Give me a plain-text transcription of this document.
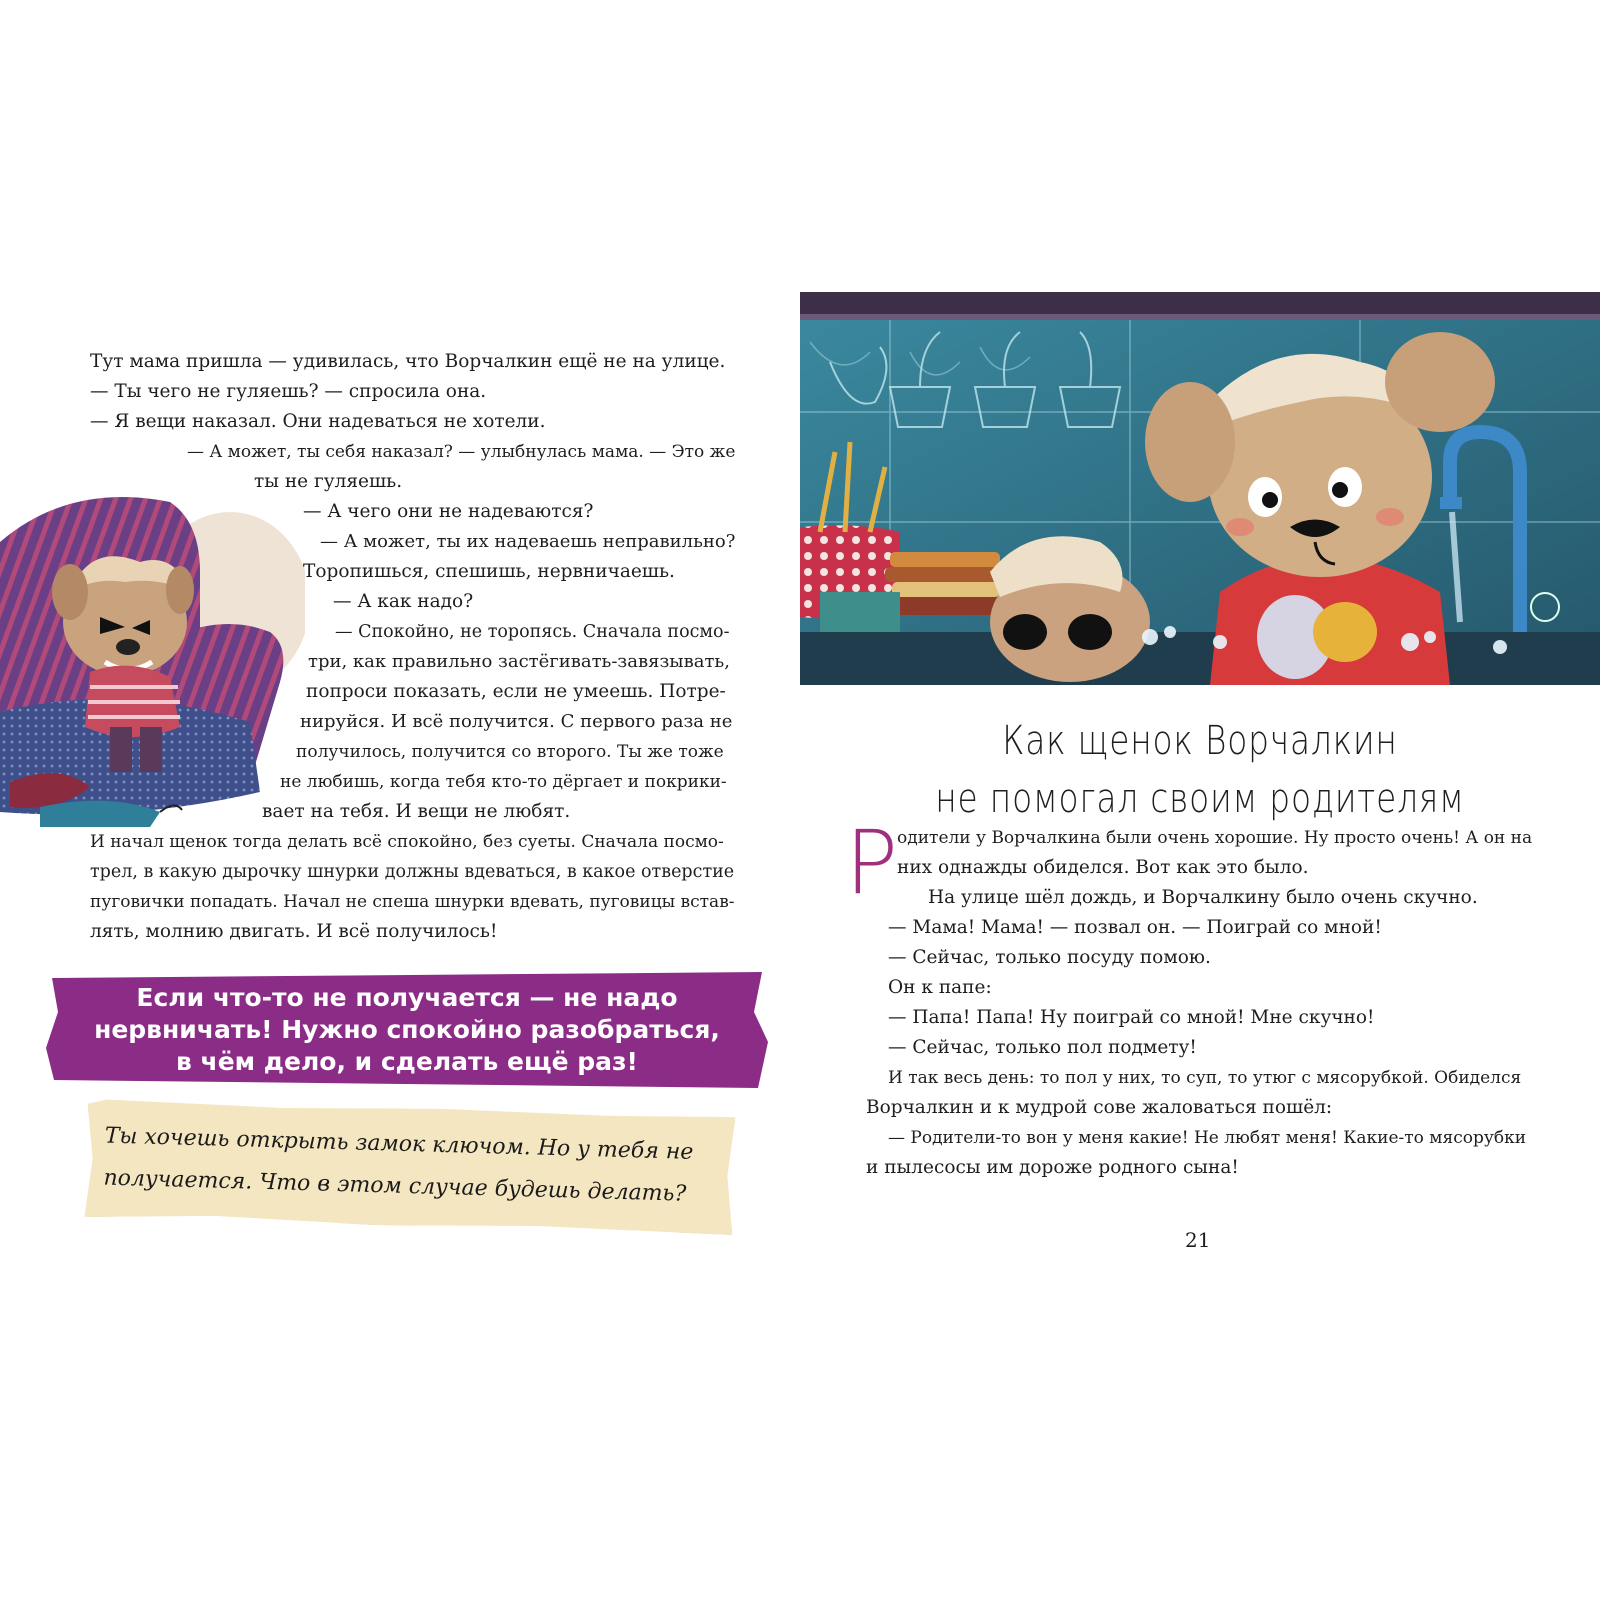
Тут мама пришла — удивилась, что Ворчалкин ещё не на улице.
— Ты чего не гуляешь? — спросила она.
— Я вещи наказал. Они надеваться не хотели.
— А может, ты себя наказал? — улыбнулась мама. — Это же
ты не гуляешь.
— А чего они не надеваются?
— А может, ты их надеваешь неправильно?
Торопишься, спешишь, нервничаешь.
— А как надо?
— Спокойно, не торопясь. Сначала посмо-
три, как правильно застёгивать-завязывать,
попроси показать, если не умеешь. Потре-
нируйся. И всё получится. С первого раза не
получилось, получится со второго. Ты же тоже
не любишь, когда тебя кто-то дёргает и покрики-
вает на тебя. И вещи не любят.
И начал щенок тогда делать всё спокойно, без суеты. Сначала посмо-
трел, в какую дырочку шнурки должны вдеваться, в какое отверстие
пуговички попадать. Начал не спеша шнурки вдевать, пуговицы встав-
лять, молнию двигать. И всё получилось!
Если что-то не получается — не надо
нервничать! Нужно спокойно разобраться,
в чём дело, и сделать ещё раз!
Ты хочешь открыть замок ключом. Но у тебя не
получается. Что в этом случае будешь делать?
Как щенок Ворчалкин
не помогал своим родителям
Р
одители у Ворчалкина были очень хорошие. Ну просто очень! А он на
них однажды обиделся. Вот как это было.
На улице шёл дождь, и Ворчалкину было очень скучно.
— Мама! Мама! — позвал он. — Поиграй со мной!
— Сейчас, только посуду помою.
Он к папе:
— Папа! Папа! Ну поиграй со мной! Мне скучно!
— Сейчас, только пол подмету!
И так весь день: то пол у них, то суп, то утюг с мясорубкой. Обиделся
Ворчалкин и к мудрой сове жаловаться пошёл:
— Родители-то вон у меня какие! Не любят меня! Какие-то мясорубки
и пылесосы им дороже родного сына!
21
